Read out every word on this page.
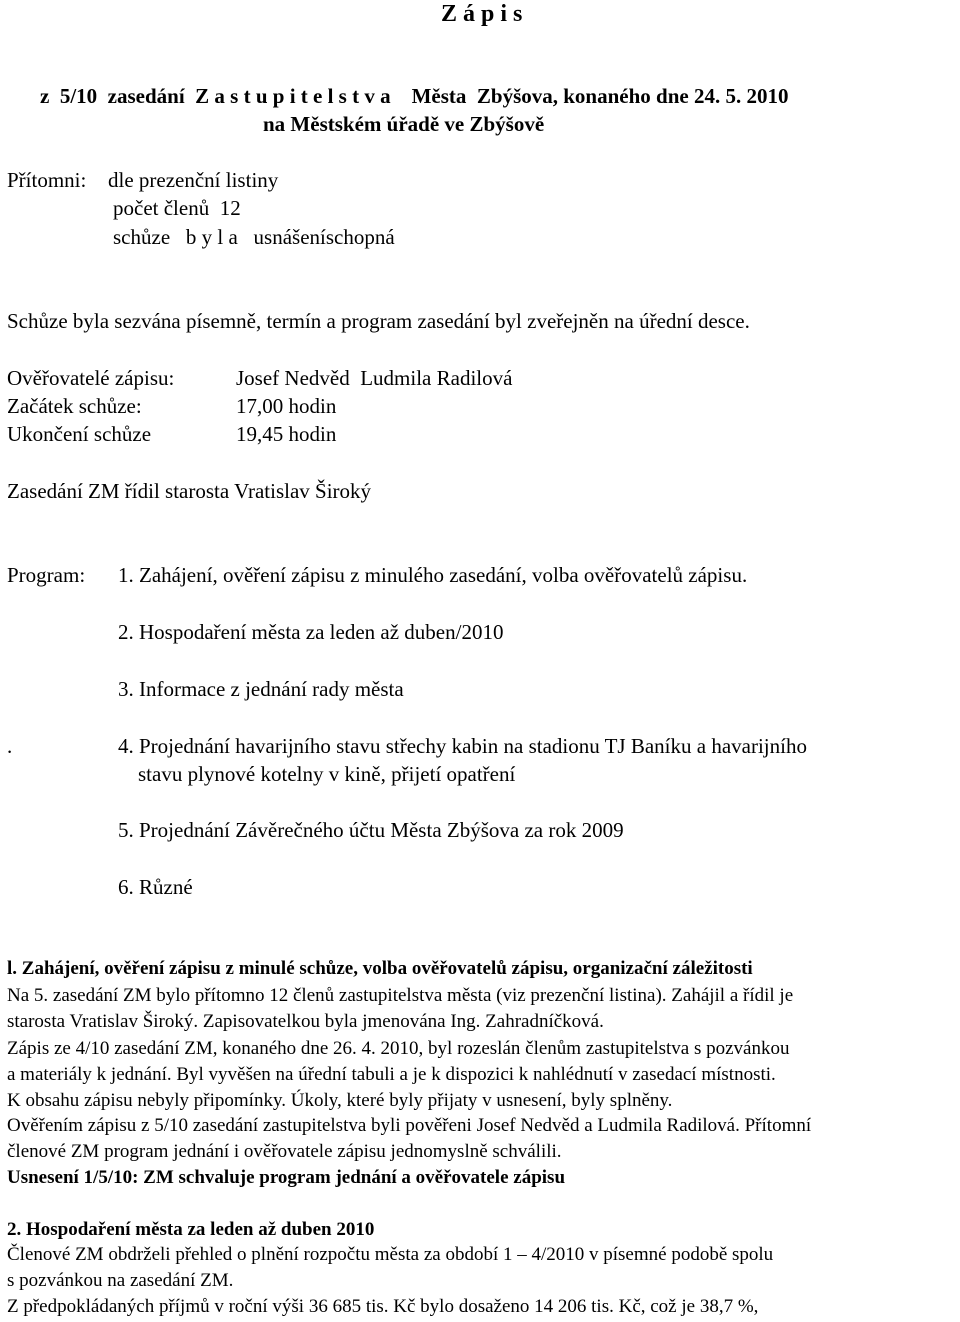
Z á p i s
z  5/10  zasedání  Z a s t u p i t e l s t v a    Města  Zbýšova, konaného dne 24. 5. 2010
na Městském úřadě ve Zbýšově
Přítomni: dle prezenční listiny
počet členů  12
schůze   b y l a   usnášeníschopná
Schůze byla sezvána písemně, termín a program zasedání byl zveřejněn na úřední desce.
Ověřovatelé zápisu:	Josef Nedvěd  Ludmila Radilová
Začátek schůze:	17,00 hodin
Ukončení schůze	19,45 hodin
Zasedání ZM řídil starosta Vratislav Široký
Program: 1. Zahájení, ověření zápisu z minulého zasedání, volba ověřovatelů zápisu.
2. Hospodaření města za leden až duben/2010
3. Informace z jednání rady města
.	4. Projednání havarijního stavu střechy kabin na stadionu TJ Baníku a havarijního
stavu plynové kotelny v kině, přijetí opatření
5. Projednání Závěrečného účtu Města Zbýšova za rok 2009
6. Různé
l. Zahájení, ověření zápisu z minulé schůze, volba ověřovatelů zápisu, organizační záležitosti
Na 5. zasedání ZM bylo přítomno 12 členů zastupitelstva města (viz prezenční listina). Zahájil a řídil je
starosta Vratislav Široký. Zapisovatelkou byla jmenována Ing. Zahradníčková.
Zápis ze 4/10 zasedání ZM, konaného dne 26. 4. 2010, byl rozeslán členům zastupitelstva s pozvánkou
a materiály k jednání. Byl vyvěšen na úřední tabuli a je k dispozici k nahlédnutí v zasedací místnosti.
K obsahu zápisu nebyly připomínky. Úkoly, které byly přijaty v usnesení, byly splněny.
Ověřením zápisu z 5/10 zasedání zastupitelstva byli pověřeni Josef Nedvěd a Ludmila Radilová. Přítomní
členové ZM program jednání i ověřovatele zápisu jednomyslně schválili.
Usnesení 1/5/10: ZM schvaluje program jednání a ověřovatele zápisu
2. Hospodaření města za leden až duben 2010
Členové ZM obdrželi přehled o plnění rozpočtu města za období 1 – 4/2010 v písemné podobě spolu
s pozvánkou na zasedání ZM.
Z předpokládaných příjmů v roční výši 36 685 tis. Kč bylo dosaženo 14 206 tis. Kč, což je 38,7 %,
